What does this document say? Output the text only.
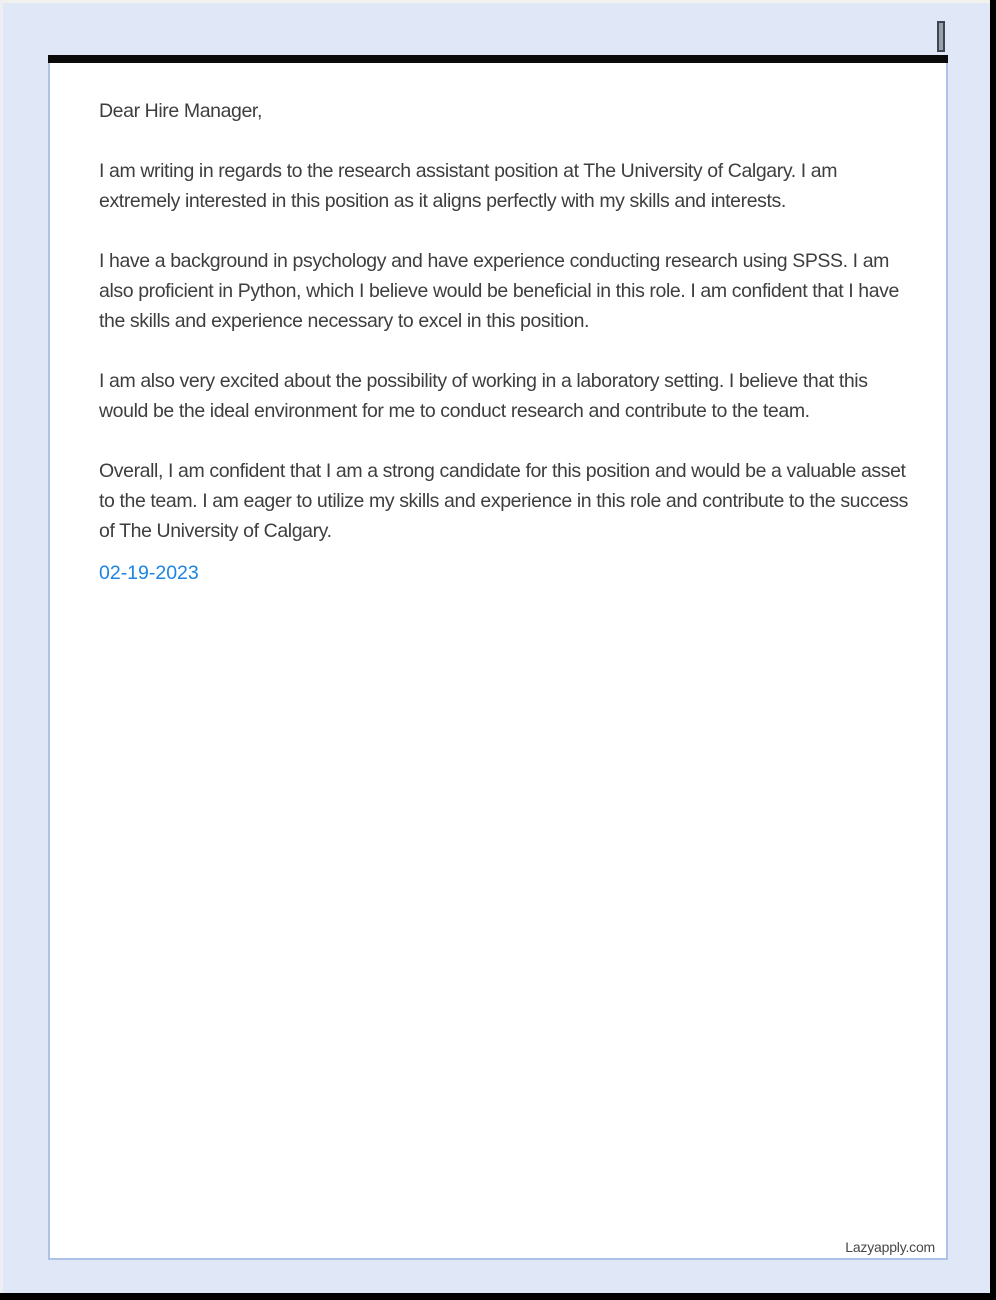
Dear Hire Manager,

I am writing in regards to the research assistant position at The University of Calgary. I am extremely interested in this position as it aligns perfectly with my skills and interests.

I have a background in psychology and have experience conducting research using SPSS. I am also proficient in Python, which I believe would be beneficial in this role. I am confident that I have the skills and experience necessary to excel in this position.

I am also very excited about the possibility of working in a laboratory setting. I believe that this would be the ideal environment for me to conduct research and contribute to the team.

Overall, I am confident that I am a strong candidate for this position and would be a valuable asset to the team. I am eager to utilize my skills and experience in this role and contribute to the success of The University of Calgary.

02-19-2023

Lazyapply.com
